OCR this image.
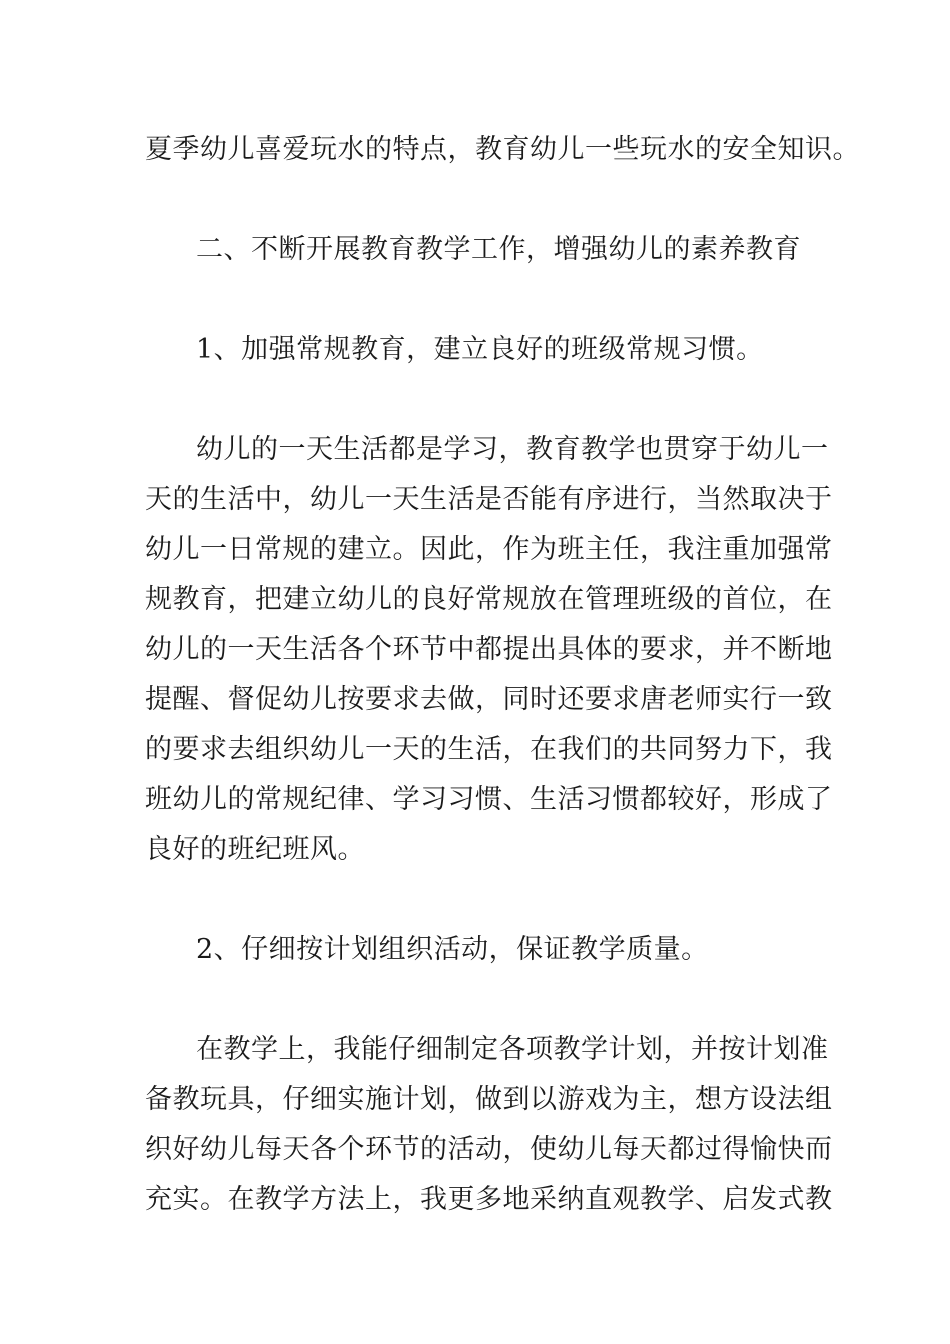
夏季幼儿喜爱玩水的特点，教育幼儿一些玩水的安全知识。
二、不断开展教育教学工作，增强幼儿的素养教育
1、加强常规教育，建立良好的班级常规习惯。
幼儿的一天生活都是学习，教育教学也贯穿于幼儿一
天的生活中，幼儿一天生活是否能有序进行，当然取决于
幼儿一日常规的建立。因此，作为班主任，我注重加强常
规教育，把建立幼儿的良好常规放在管理班级的首位，在
幼儿的一天生活各个环节中都提出具体的要求，并不断地
提醒、督促幼儿按要求去做，同时还要求唐老师实行一致
的要求去组织幼儿一天的生活，在我们的共同努力下，我
班幼儿的常规纪律、学习习惯、生活习惯都较好，形成了
良好的班纪班风。
2、仔细按计划组织活动，保证教学质量。
在教学上，我能仔细制定各项教学计划，并按计划准
备教玩具，仔细实施计划，做到以游戏为主，想方设法组
织好幼儿每天各个环节的活动，使幼儿每天都过得愉快而
充实。在教学方法上，我更多地采纳直观教学、启发式教
